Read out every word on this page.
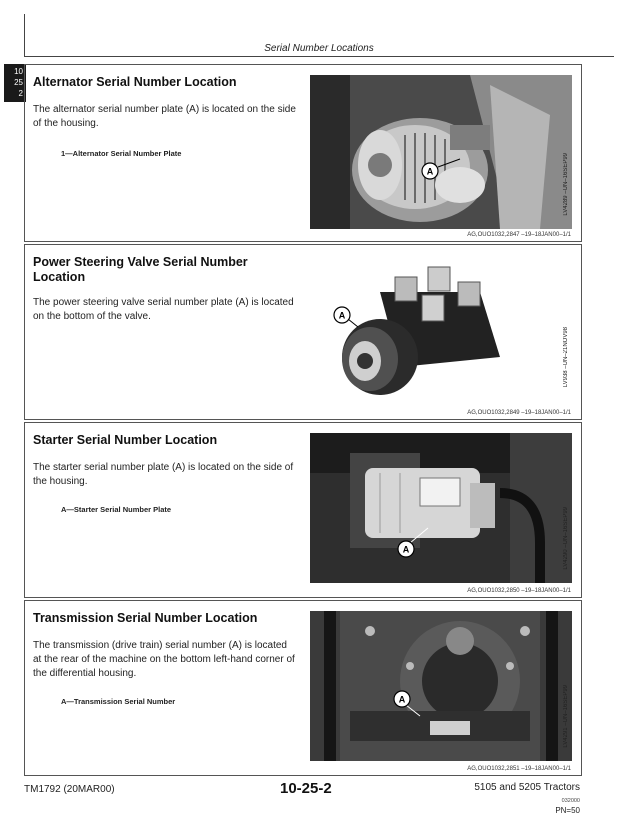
Serial Number Locations
10
25
2
Alternator Serial Number Location

The alternator serial number plate (A) is located on the side of the housing.

1—Alternator Serial Number Plate

A	LV4289 –UN–16SEP99
AG,OUO1032,2847 –19–18JAN00–1/1
Power Steering Valve Serial Number Location

The power steering valve serial number plate (A) is located on the bottom of the valve.	A
LV938 –UN–21NOV98
AG,OUO1032,2849 –19–18JAN00–1/1
Starter Serial Number Location

The starter serial number plate (A) is located on the side of the housing.

A—Starter Serial Number Plate

A	LV4290 –UN–16SEP99
AG,OUO1032,2850 –19–18JAN00–1/1
Transmission Serial Number Location

The transmission (drive train) serial number (A) is located at the rear of the machine on the bottom left-hand corner of the differential housing.

A—Transmission Serial Number	A	LV4291 –UN–16SEP99
AG,OUO1032,2851 –19–18JAN00–1/1
TM1792 (20MAR00)	10-25-2	5105 and 5205 Tractors
032000
PN=50
